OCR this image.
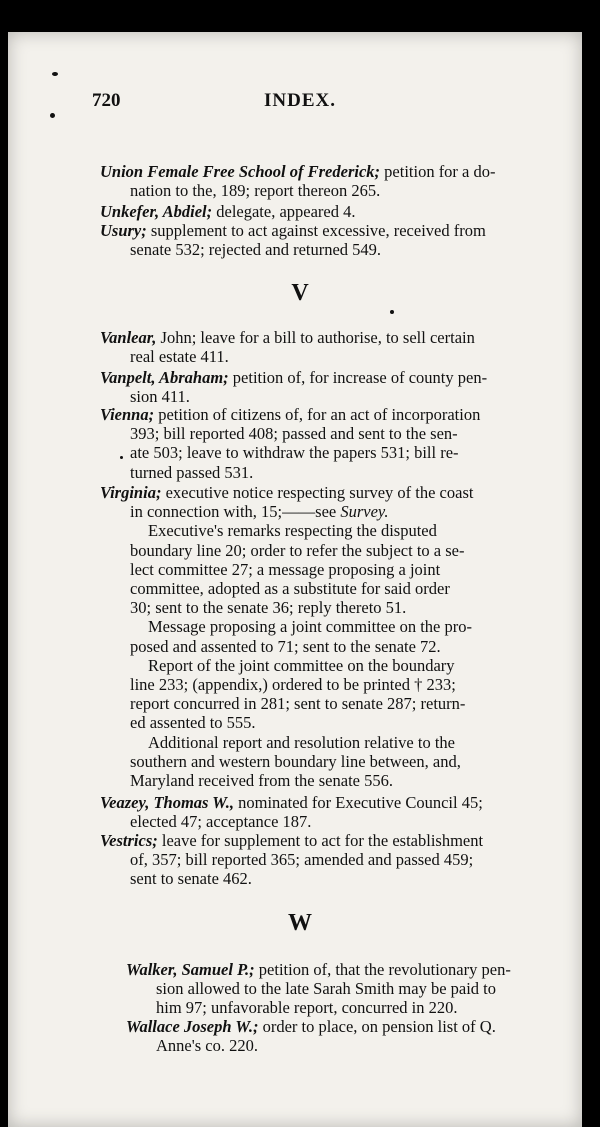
720	INDEX.
Union Female Free School of Frederick; petition for a do-
nation to the, 189; report thereon 265.
Unkefer, Abdiel; delegate, appeared 4.
Usury; supplement to act against excessive, received from
senate 532; rejected and returned 549.
V
Vanlear, John; leave for a bill to authorise, to sell certain
real estate 411.
Vanpelt, Abraham; petition of, for increase of county pen-
sion 411.
Vienna; petition of citizens of, for an act of incorporation
393; bill reported 408; passed and sent to the sen-
ate 503; leave to withdraw the papers 531; bill re-
turned passed 531.
Virginia; executive notice respecting survey of the coast
in connection with, 15;——see Survey.
Executive's remarks respecting the disputed
boundary line 20; order to refer the subject to a se-
lect committee 27; a message proposing a joint
committee, adopted as a substitute for said order
30; sent to the senate 36; reply thereto 51.
Message proposing a joint committee on the pro-
posed and assented to 71; sent to the senate 72.
Report of the joint committee on the boundary
line 233; (appendix,) ordered to be printed † 233;
report concurred in 281; sent to senate 287; return-
ed assented to 555.
Additional report and resolution relative to the
southern and western boundary line between, and,
Maryland received from the senate 556.
Veazey, Thomas W., nominated for Executive Council 45;
elected 47; acceptance 187.
Vestrics; leave for supplement to act for the establishment
of, 357; bill reported 365; amended and passed 459;
sent to senate 462.
W
Walker, Samuel P.; petition of, that the revolutionary pen-
sion allowed to the late Sarah Smith may be paid to
him 97; unfavorable report, concurred in 220.
Wallace Joseph W.; order to place, on pension list of Q.
Anne's co. 220.
